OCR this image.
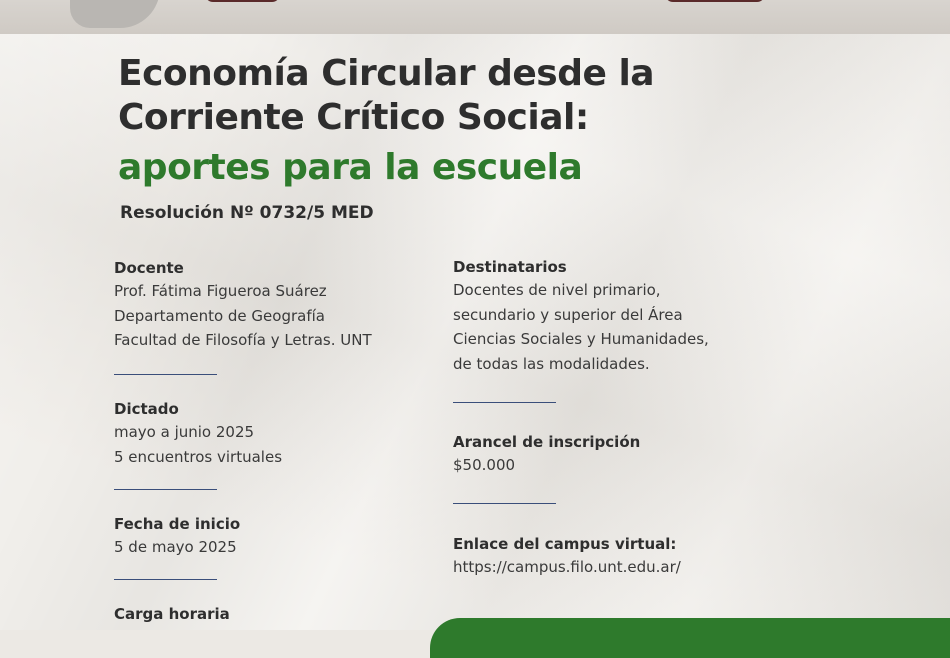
Economía Circular desde la
Corriente Crítico Social:
aportes para la escuela
Resolución Nº 0732/5 MED
Docente
Prof. Fátima Figueroa Suárez
Departamento de Geografía
Facultad de Filosofía y Letras. UNT
Dictado
mayo a junio 2025
5 encuentros virtuales
Fecha de inicio
5 de mayo 2025
Carga horaria
Destinatarios
Docentes de nivel primario,
secundario y superior del Área
Ciencias Sociales y Humanidades,
de todas las modalidades.
Arancel de inscripción
$50.000
Enlace del campus virtual:
https://campus.filo.unt.edu.ar/
